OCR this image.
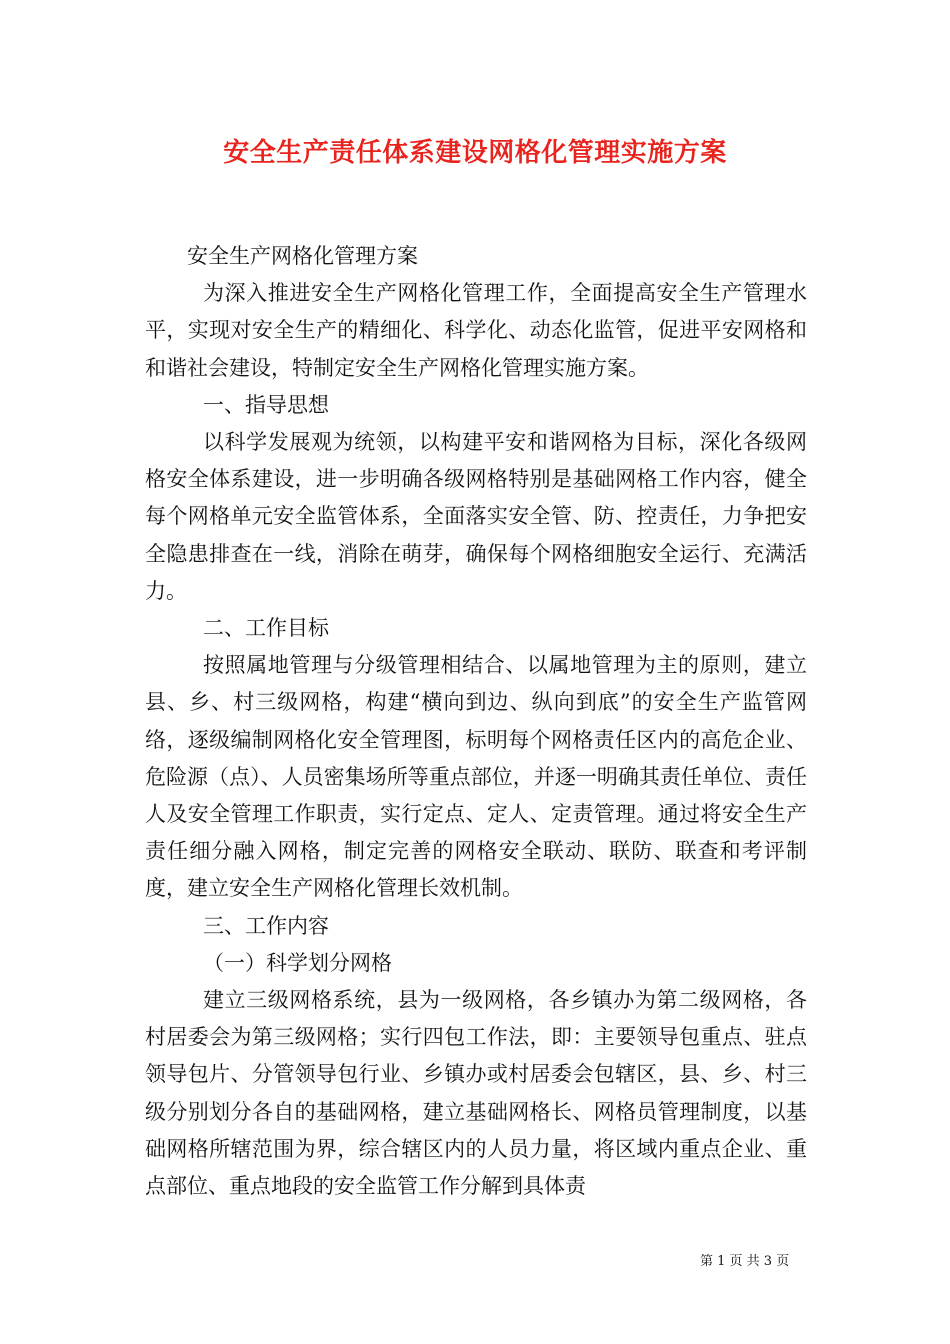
安全生产责任体系建设网格化管理实施方案

安全生产网格化管理方案

为深入推进安全生产网格化管理工作，全面提高安全生产管理水平，实现对安全生产的精细化、科学化、动态化监管，促进平安网格和和谐社会建设，特制定安全生产网格化管理实施方案。

一、指导思想

以科学发展观为统领，以构建平安和谐网格为目标，深化各级网格安全体系建设，进一步明确各级网格特别是基础网格工作内容，健全每个网格单元安全监管体系，全面落实安全管、防、控责任，力争把安全隐患排查在一线，消除在萌芽，确保每个网格细胞安全运行、充满活力。

二、工作目标

按照属地管理与分级管理相结合、以属地管理为主的原则，建立县、乡、村三级网格，构建“横向到边、纵向到底”的安全生产监管网络，逐级编制网格化安全管理图，标明每个网格责任区内的高危企业、危险源（点）、人员密集场所等重点部位，并逐一明确其责任单位、责任人及安全管理工作职责，实行定点、定人、定责管理。通过将安全生产责任细分融入网格，制定完善的网格安全联动、联防、联查和考评制度，建立安全生产网格化管理长效机制。

三、工作内容

（一）科学划分网格

建立三级网格系统，县为一级网格，各乡镇办为第二级网格，各村居委会为第三级网格；实行四包工作法，即：主要领导包重点、驻点领导包片、分管领导包行业、乡镇办或村居委会包辖区，县、乡、村三级分别划分各自的基础网格，建立基础网格长、网格员管理制度，以基础网格所辖范围为界，综合辖区内的人员力量，将区域内重点企业、重点部位、重点地段的安全监管工作分解到具体责

第 1 页 共 3 页
